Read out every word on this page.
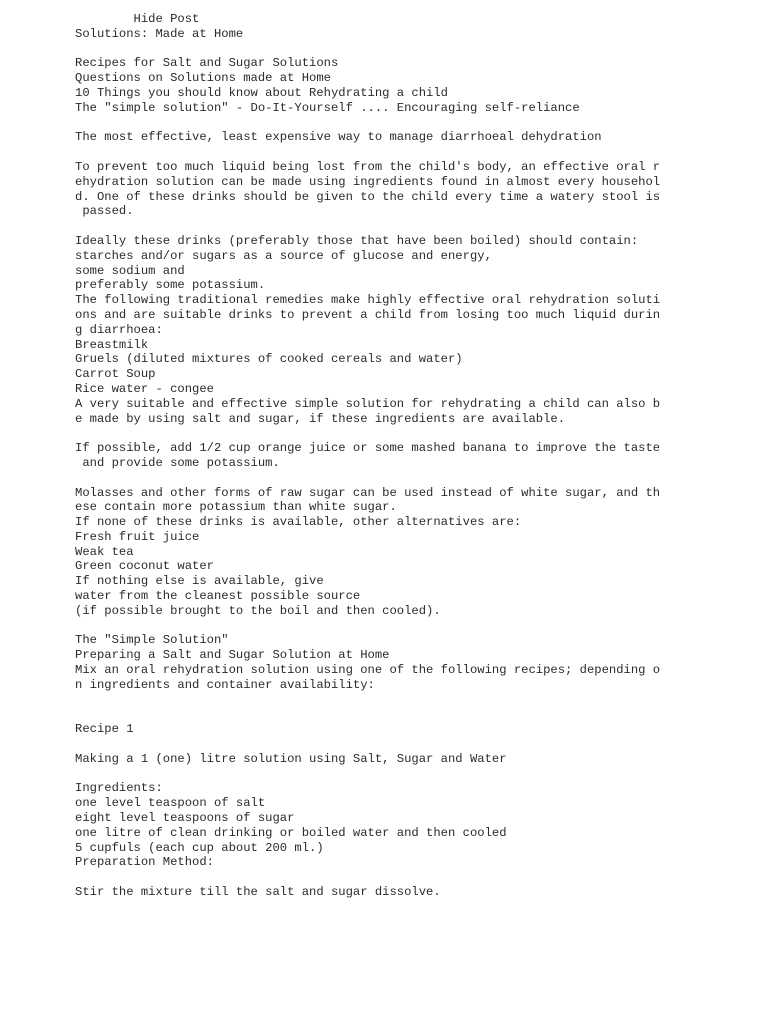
Hide Post
Solutions: Made at Home
Recipes for Salt and Sugar Solutions
Questions on Solutions made at Home
10 Things you should know about Rehydrating a child
The "simple solution" - Do-It-Yourself .... Encouraging self-reliance
The most effective, least expensive way to manage diarrhoeal dehydration
To prevent too much liquid being lost from the child's body, an effective oral r
ehydration solution can be made using ingredients found in almost every househol
d. One of these drinks should be given to the child every time a watery stool is
passed.
Ideally these drinks (preferably those that have been boiled) should contain:
starches and/or sugars as a source of glucose and energy,
some sodium and
preferably some potassium.
The following traditional remedies make highly effective oral rehydration soluti
ons and are suitable drinks to prevent a child from losing too much liquid durin
g diarrhoea:
Breastmilk
Gruels (diluted mixtures of cooked cereals and water)
Carrot Soup
Rice water - congee
A very suitable and effective simple solution for rehydrating a child can also b
e made by using salt and sugar, if these ingredients are available.
If possible, add 1/2 cup orange juice or some mashed banana to improve the taste
and provide some potassium.
Molasses and other forms of raw sugar can be used instead of white sugar, and th
ese contain more potassium than white sugar.
If none of these drinks is available, other alternatives are:
Fresh fruit juice
Weak tea
Green coconut water
If nothing else is available, give
water from the cleanest possible source
(if possible brought to the boil and then cooled).
The "Simple Solution"
Preparing a Salt and Sugar Solution at Home
Mix an oral rehydration solution using one of the following recipes; depending o
n ingredients and container availability:
Recipe 1
Making a 1 (one) litre solution using Salt, Sugar and Water
Ingredients:
one level teaspoon of salt
eight level teaspoons of sugar
one litre of clean drinking or boiled water and then cooled
5 cupfuls (each cup about 200 ml.)
Preparation Method:
Stir the mixture till the salt and sugar dissolve.
